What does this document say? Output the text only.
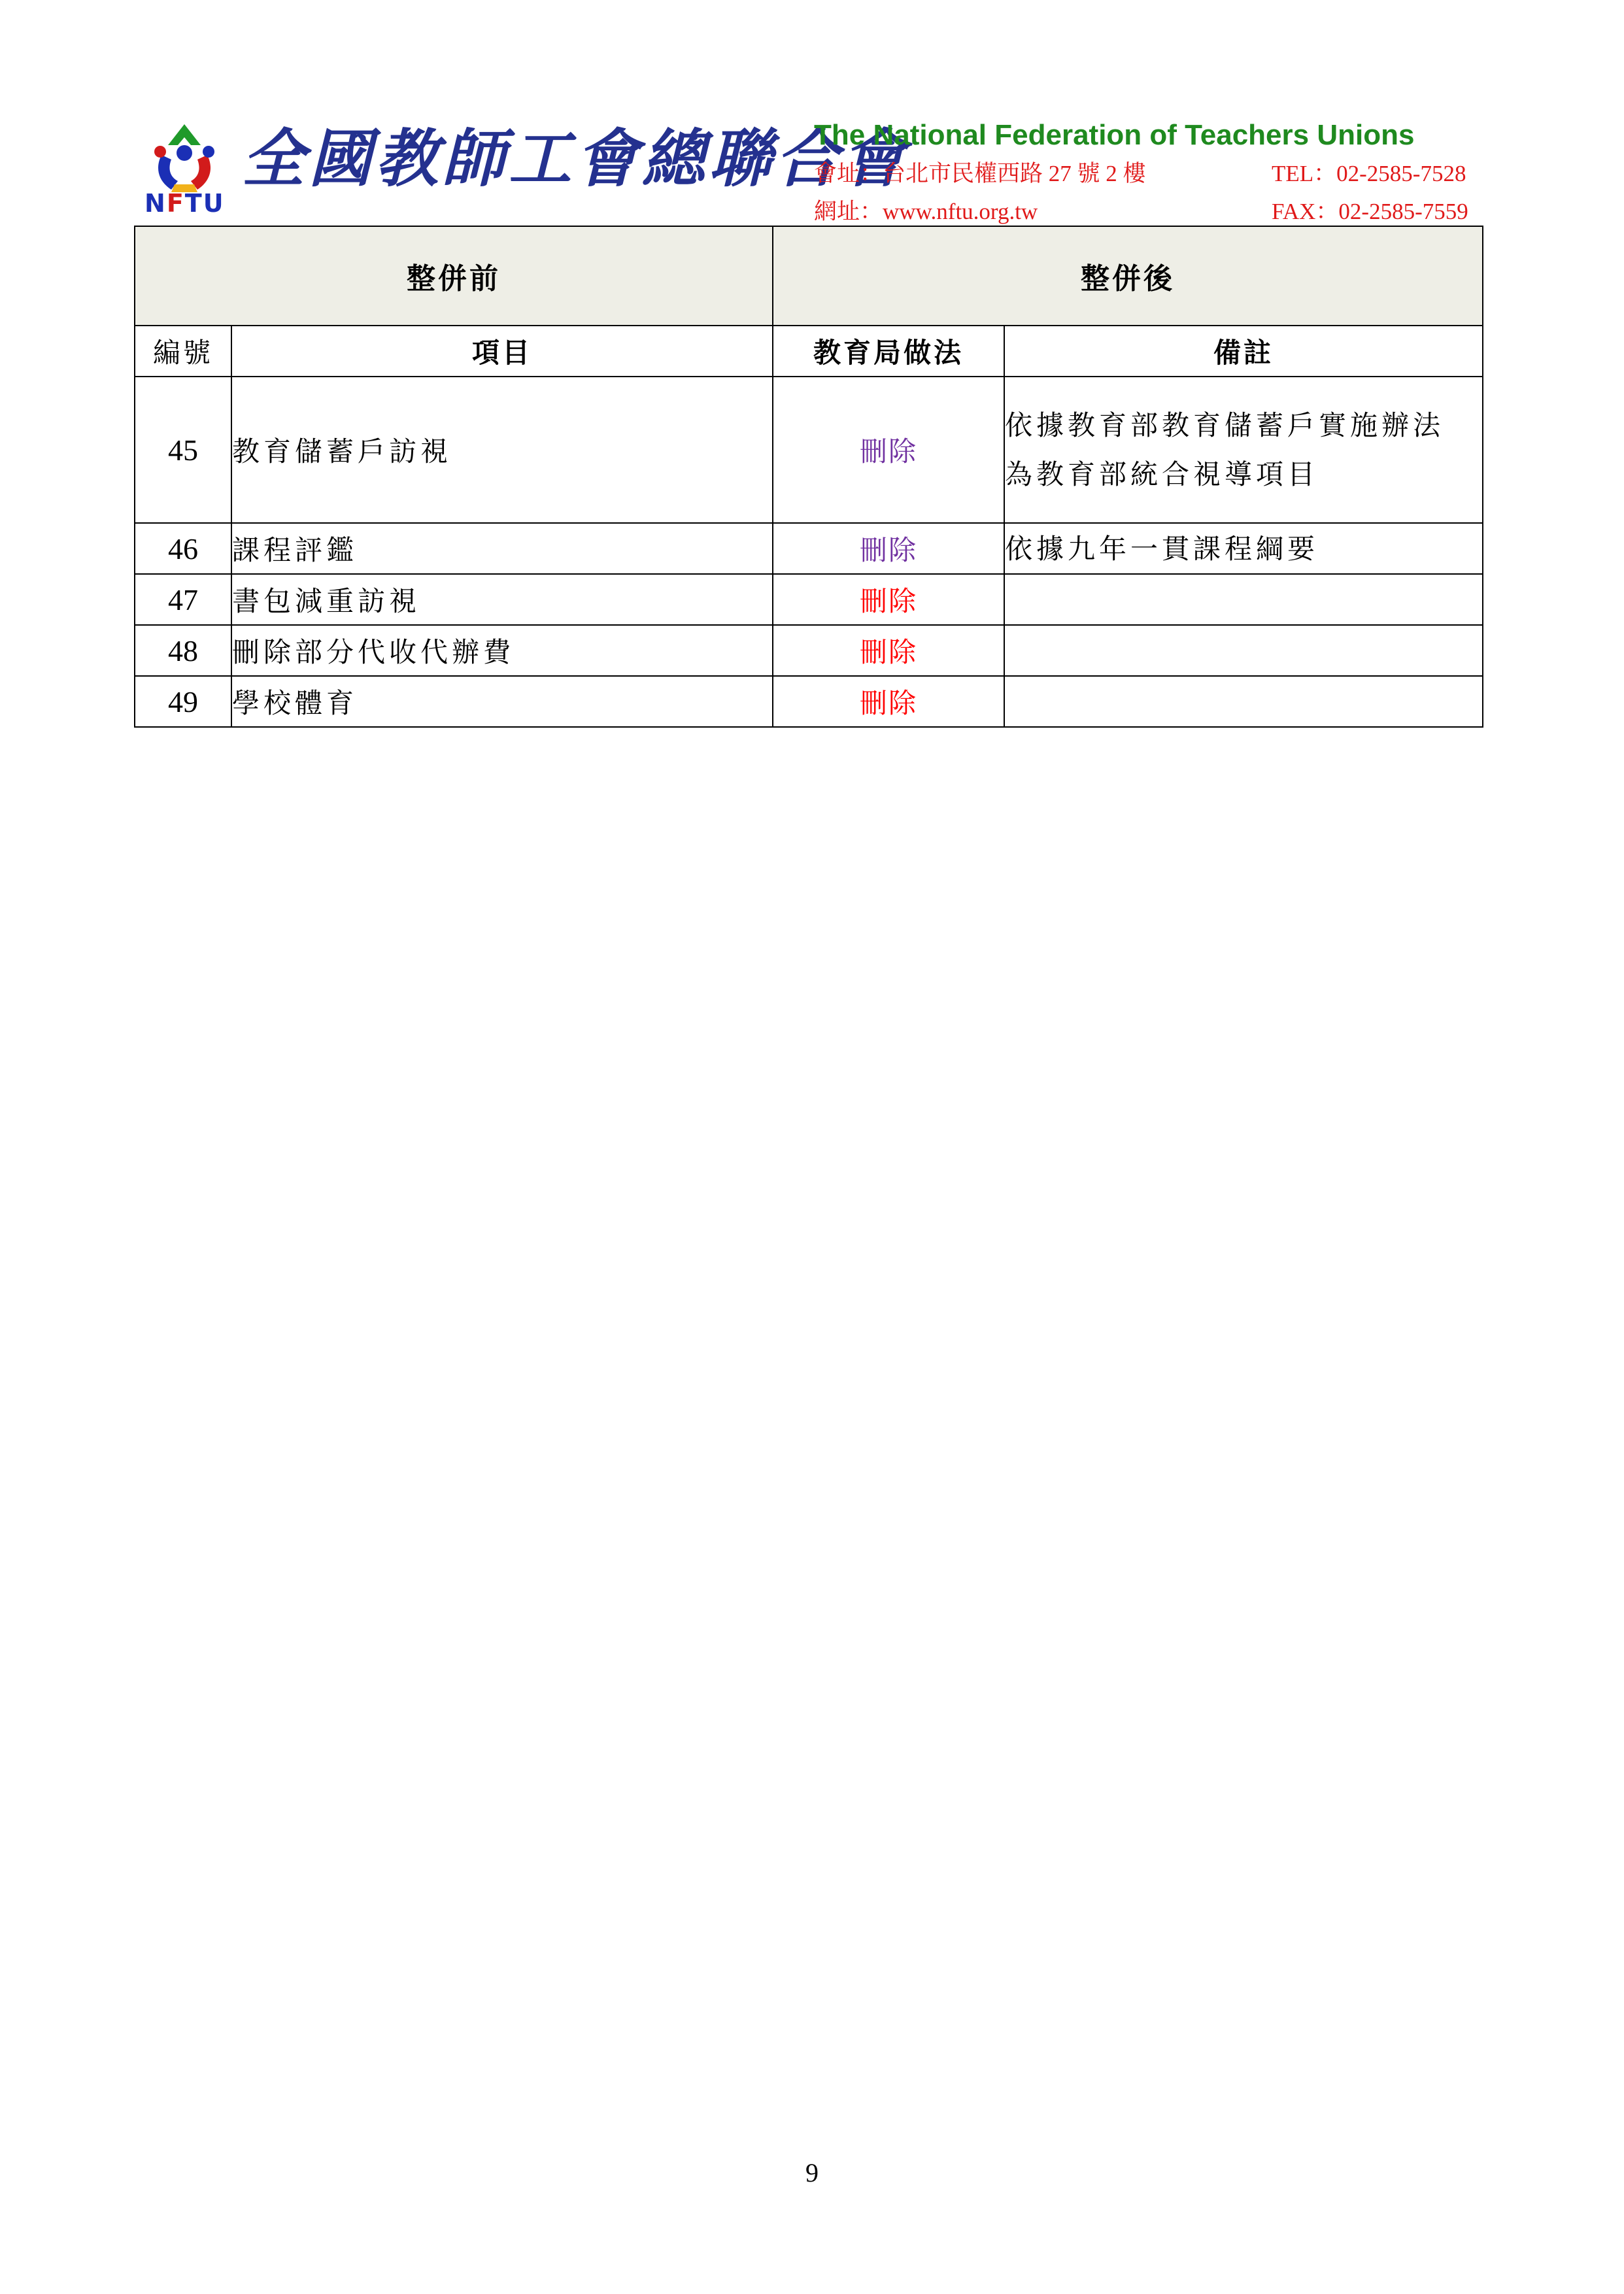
NFTU
全國教師工會總聯合會
The National Federation of Teachers Unions
會址：台北市民權西路 27 號 2 樓	TEL：02-2585-7528
網址：www.nftu.org.tw	FAX：02-2585-7559
整併前		整併後	
編號	項目	教育局做法	備註
45	教育儲蓄戶訪視	刪除	依據教育部教育儲蓄戶實施辦法
為教育部統合視導項目

46	課程評鑑	刪除	依據九年一貫課程綱要

47	書包減重訪視	刪除	
48	刪除部分代收代辦費	刪除	
49	學校體育	刪除	
9
